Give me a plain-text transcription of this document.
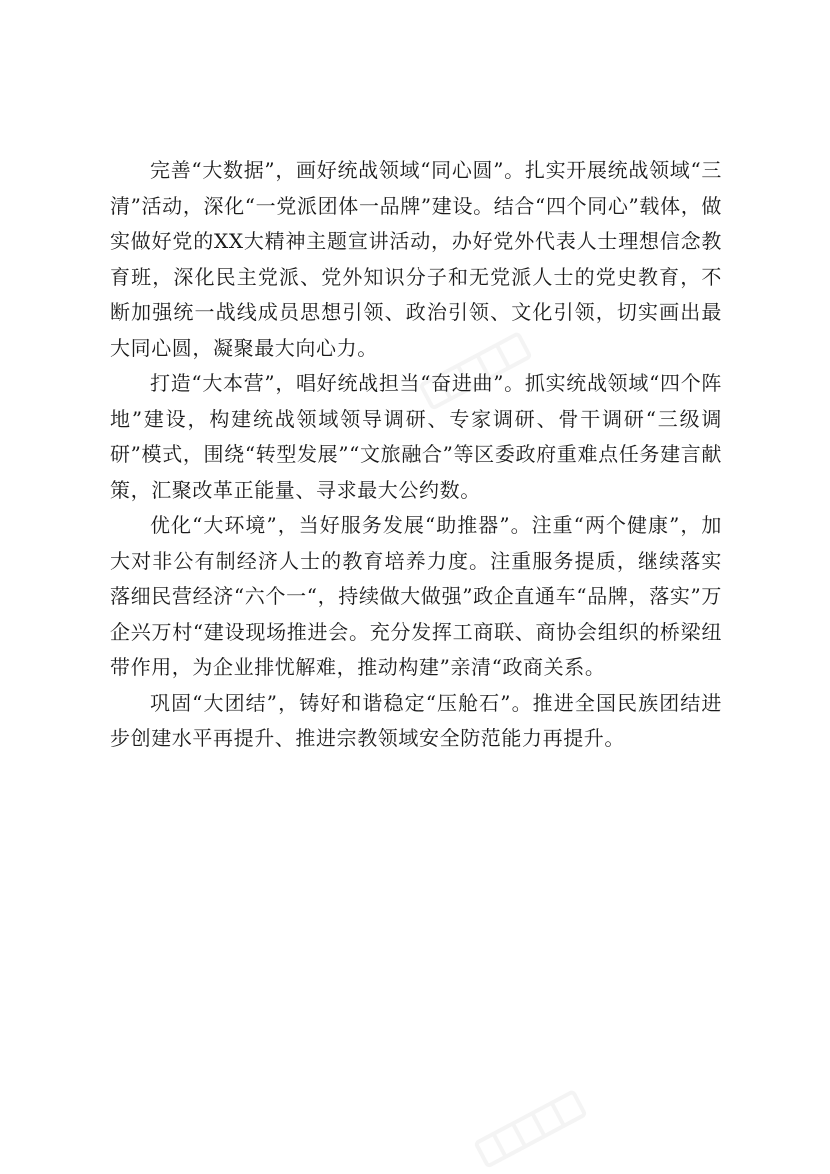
完善“大数据”，画好统战领域“同心圆”。扎实开展统战领域“三清”活动，深化“一党派团体一品牌”建设。结合“四个同心”载体，做实做好党的XX大精神主题宣讲活动，办好党外代表人士理想信念教育班，深化民主党派、党外知识分子和无党派人士的党史教育，不断加强统一战线成员思想引领、政治引领、文化引领，切实画出最大同心圆，凝聚最大向心力。

打造“大本营”，唱好统战担当“奋进曲”。抓实统战领域“四个阵地”建设，构建统战领域领导调研、专家调研、骨干调研“三级调研”模式，围绕“转型发展”“文旅融合”等区委政府重难点任务建言献策，汇聚改革正能量、寻求最大公约数。

优化“大环境”，当好服务发展“助推器”。注重“两个健康”，加大对非公有制经济人士的教育培养力度。注重服务提质，继续落实落细民营经济“六个一“，持续做大做强”政企直通车“品牌，落实”万企兴万村“建设现场推进会。充分发挥工商联、商协会组织的桥梁纽带作用，为企业排忧解难，推动构建”亲清“政商关系。

巩固“大团结”，铸好和谐稳定“压舱石”。推进全国民族团结进步创建水平再提升、推进宗教领域安全防范能力再提升。
